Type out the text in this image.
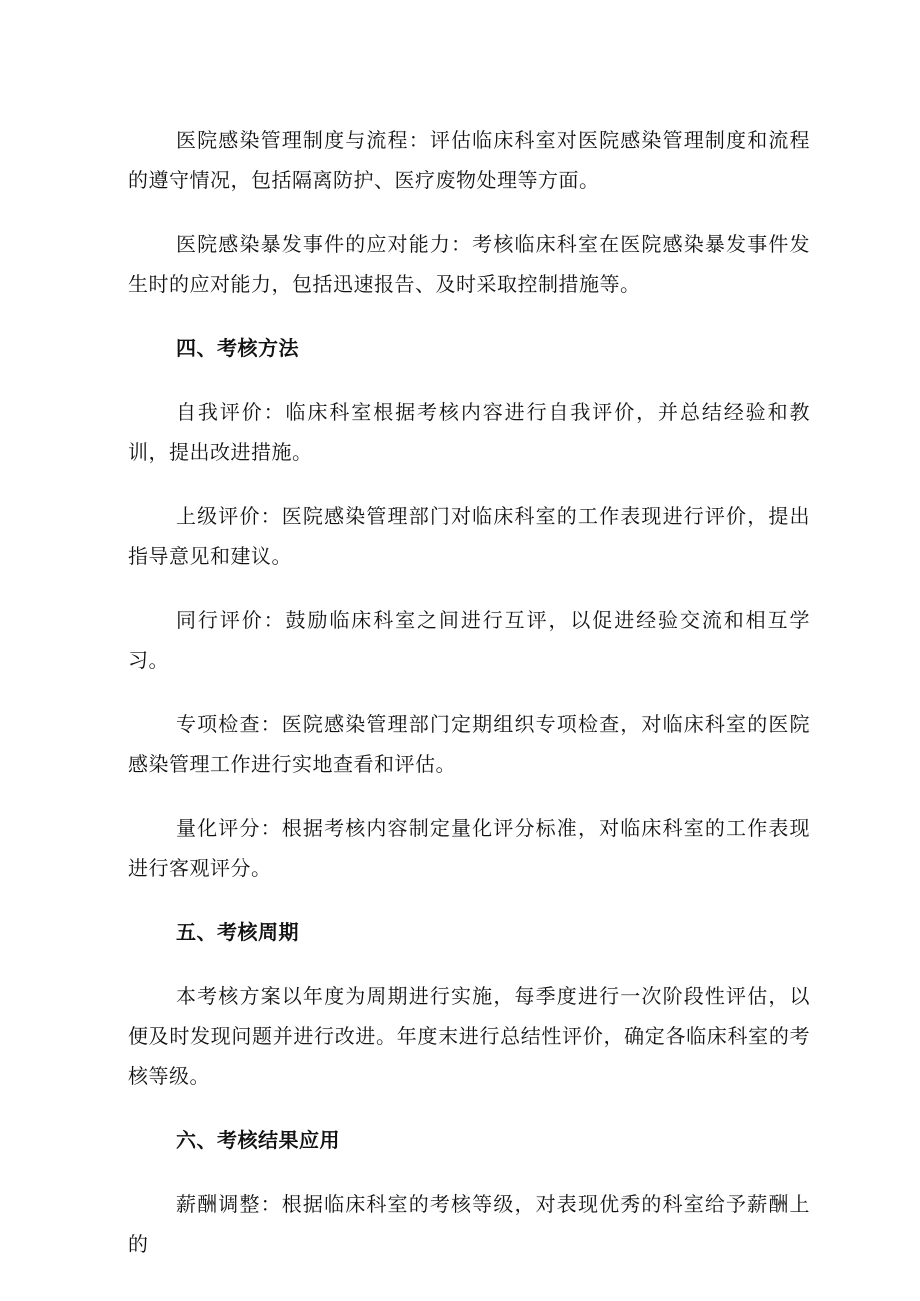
医院感染管理制度与流程：评估临床科室对医院感染管理制度和流程的遵守情况，包括隔离防护、医疗废物处理等方面。

医院感染暴发事件的应对能力：考核临床科室在医院感染暴发事件发生时的应对能力，包括迅速报告、及时采取控制措施等。

四、考核方法

自我评价：临床科室根据考核内容进行自我评价，并总结经验和教训，提出改进措施。

上级评价：医院感染管理部门对临床科室的工作表现进行评价，提出指导意见和建议。

同行评价：鼓励临床科室之间进行互评，以促进经验交流和相互学习。

专项检查：医院感染管理部门定期组织专项检查，对临床科室的医院感染管理工作进行实地查看和评估。

量化评分：根据考核内容制定量化评分标准，对临床科室的工作表现进行客观评分。

五、考核周期

本考核方案以年度为周期进行实施，每季度进行一次阶段性评估，以便及时发现问题并进行改进。年度末进行总结性评价，确定各临床科室的考核等级。

六、考核结果应用

薪酬调整：根据临床科室的考核等级，对表现优秀的科室给予薪酬上的
